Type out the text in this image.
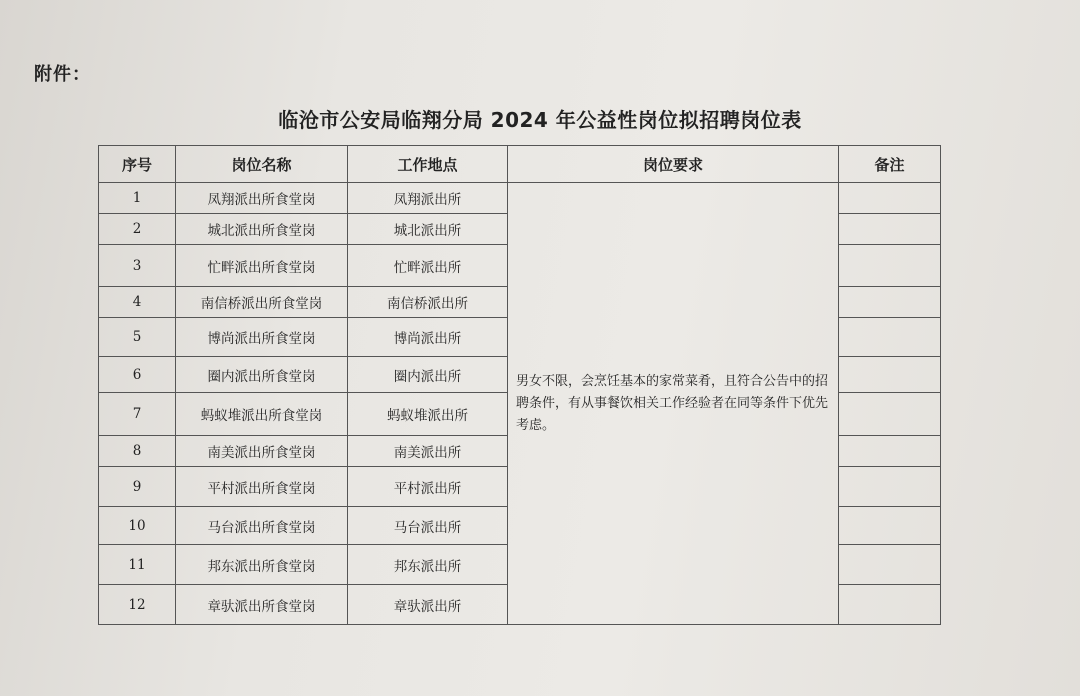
附件：
临沧市公安局临翔分局 2024 年公益性岗位拟招聘岗位表
序号	岗位名称	工作地点	岗位要求	备注
1	凤翔派出所食堂岗	凤翔派出所	男女不限，会烹饪基本的家常菜肴，且符合公告中的招聘条件，有从事餐饮相关工作经验者在同等条件下优先考虑。	
2	城北派出所食堂岗	城北派出所		
3	忙畔派出所食堂岗	忙畔派出所		
4	南信桥派出所食堂岗	南信桥派出所		
5	博尚派出所食堂岗	博尚派出所		
6	圈内派出所食堂岗	圈内派出所		
7	蚂蚁堆派出所食堂岗	蚂蚁堆派出所		
8	南美派出所食堂岗	南美派出所		
9	平村派出所食堂岗	平村派出所		
10	马台派出所食堂岗	马台派出所		
11	邦东派出所食堂岗	邦东派出所		
12	章驮派出所食堂岗	章驮派出所		
